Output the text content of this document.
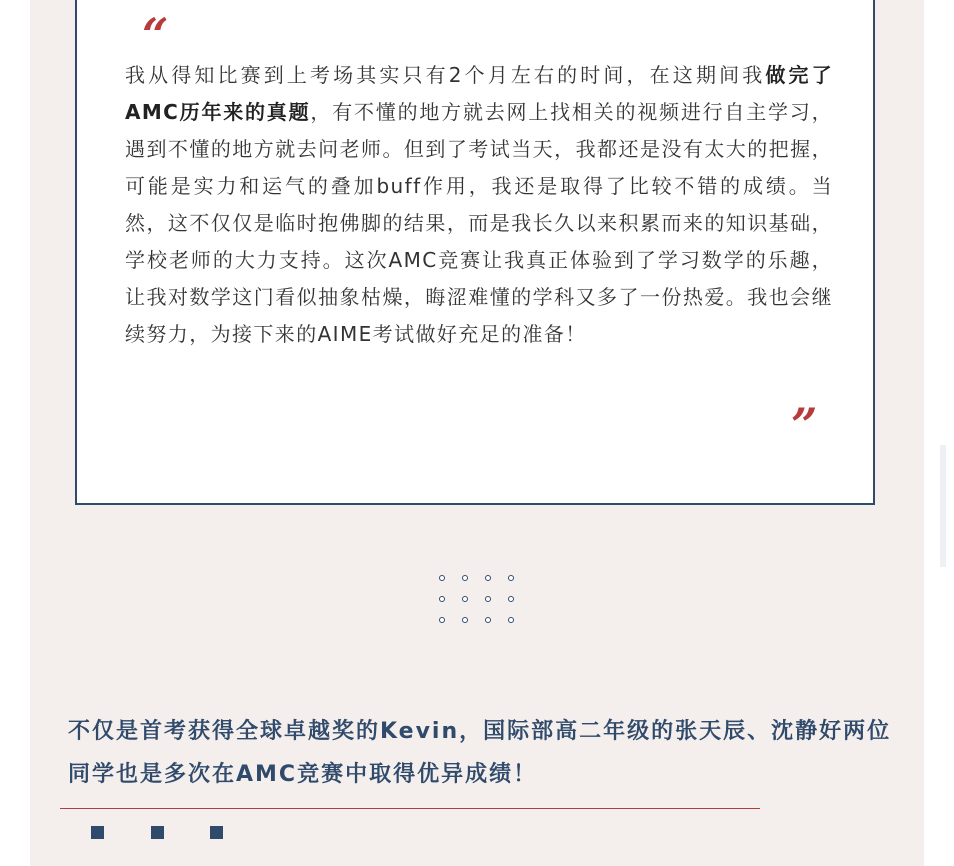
“
我从得知比赛到上考场其实只有2个月左右的时间，在这期间我做完了AMC历年来的真题，有不懂的地方就去网上找相关的视频进行自主学习，遇到不懂的地方就去问老师。但到了考试当天，我都还是没有太大的把握，可能是实力和运气的叠加buff作用，我还是取得了比较不错的成绩。当然，这不仅仅是临时抱佛脚的结果，而是我长久以来积累而来的知识基础，学校老师的大力支持。这次AMC竞赛让我真正体验到了学习数学的乐趣，让我对数学这门看似抽象枯燥，晦涩难懂的学科又多了一份热爱。我也会继续努力，为接下来的AIME考试做好充足的准备！
”
不仅是首考获得全球卓越奖的Kevin，国际部高二年级的张天辰、沈静好两位同学也是多次在AMC竞赛中取得优异成绩！
